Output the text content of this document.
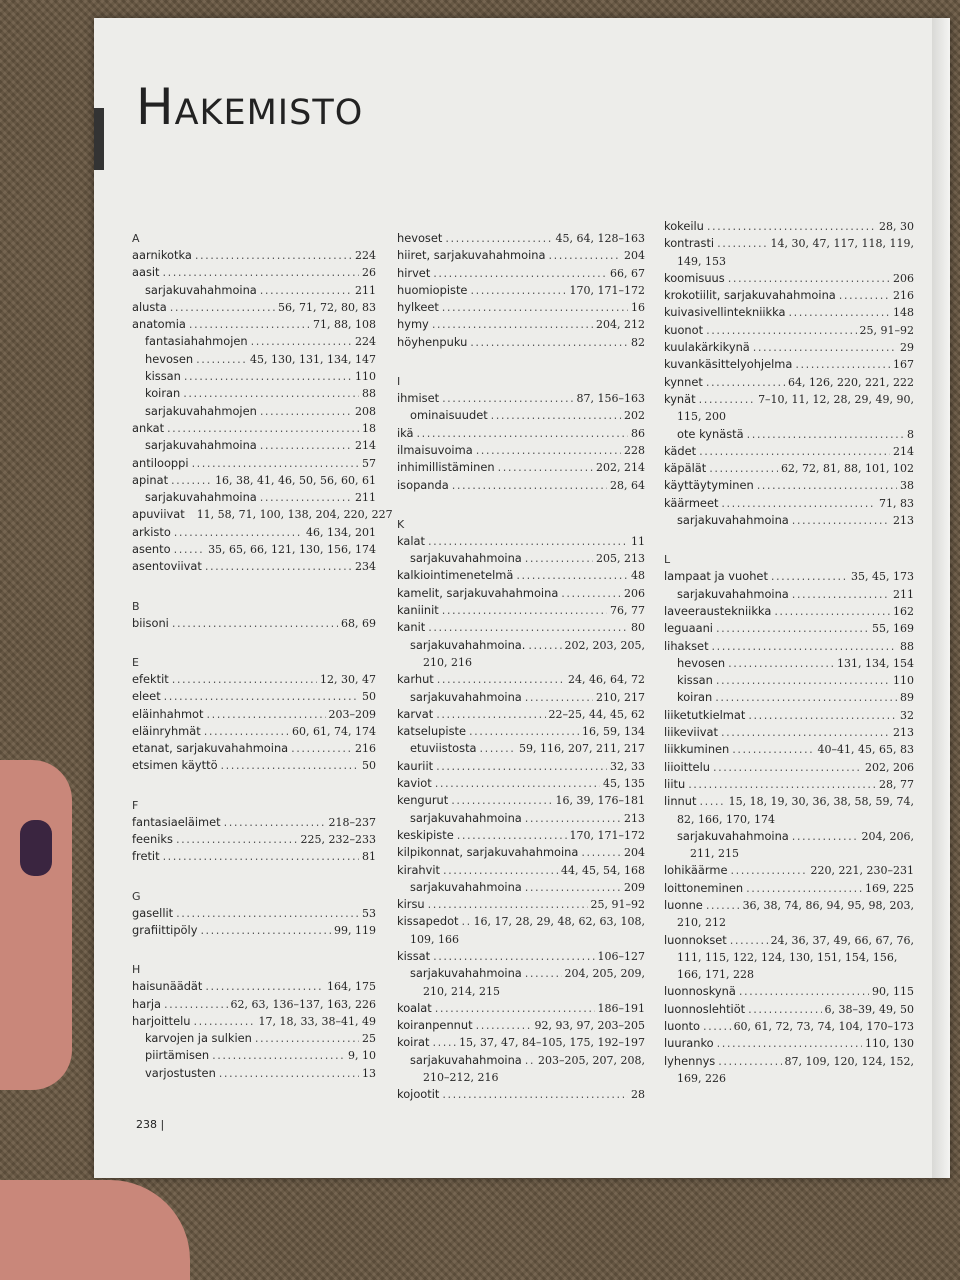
Hakemisto
A
aarnikotka .....	224
aasit .....	26
sarjakuvahahmoina .....	211
alusta .....	56, 71, 72, 80, 83
anatomia .....	71, 88, 108
fantasiahahmojen .....	224
hevosen .....	45, 130, 131, 134, 147
kissan .....	110
koiran .....	88
sarjakuvahahmojen .....	208
ankat .....	18
sarjakuvahahmoina .....	214
antilooppi .....	57
apinat .....	16, 38, 41, 46, 50, 56, 60, 61
sarjakuvahahmoina .....	211
apuviivat 11, 58, 71, 100, 138, 204, 220, 227
arkisto .....	46, 134, 201
asento .....	35, 65, 66, 121, 130, 156, 174
asentoviivat .....	234
B
biisoni .....	68, 69
E
efektit .....	12, 30, 47
eleet .....	50
eläinhahmot .....	203–209
eläinryhmät .....	60, 61, 74, 174
etanat, sarjakuvahahmoina .....	216
etsimen käyttö .....	50
F
fantasiaeläimet .....	218–237
feeniks .....	225, 232–233
fretit .....	81
G
gasellit .....	53
grafiittipöly .....	99, 119
H
haisunäädät .....	164, 175
harja .....	62, 63, 136–137, 163, 226
harjoittelu .....	17, 18, 33, 38–41, 49
karvojen ja sulkien .....	25
piirtämisen .....	9, 10
varjostusten .....	13
hevoset .....	45, 64, 128–163
hiiret, sarjakuvahahmoina .....	204
hirvet .....	66, 67
huomiopiste .....	170, 171–172
hylkeet .....	16
hymy .....	204, 212
höyhenpuku .....	82
I
ihmiset .....	87, 156–163
ominaisuudet .....	202
ikä .....	86
ilmaisuvoima .....	228
inhimillistäminen .....	202, 214
isopanda .....	28, 64
K
kalat .....	11
sarjakuvahahmoina .....	205, 213
kalkiointimenetelmä .....	48
kamelit, sarjakuvahahmoina .....	206
kaniinit .....	76, 77
kanit .....	80
sarjakuvahahmoina. .....	202, 203, 205,
210, 216
karhut .....	24, 46, 64, 72
sarjakuvahahmoina .....	210, 217
karvat .....	22–25, 44, 45, 62
katselupiste .....	16, 59, 134
etuviistosta .....	59, 116, 207, 211, 217
kauriit .....	32, 33
kaviot .....	45, 135
kengurut .....	16, 39, 176–181
sarjakuvahahmoina .....	213
keskipiste .....	170, 171–172
kilpikonnat, sarjakuvahahmoina .....	204
kirahvit .....	44, 45, 54, 168
sarjakuvahahmoina .....	209
kirsu .....	25, 91–92
kissapedot ..... 16, 17, 28, 29, 48, 62, 63, 108,
109, 166
kissat .....	106–127
sarjakuvahahmoina .....	204, 205, 209,
210, 214, 215
koalat .....	186–191
koiranpennut .....	92, 93, 97, 203–205
koirat .....	15, 37, 47, 84–105, 175, 192–197
sarjakuvahahmoina ..... 203–205, 207, 208,
210–212, 216
kojootit .....	28
kokeilu .....	28, 30
kontrasti .....	14, 30, 47, 117, 118, 119,
149, 153
koomisuus .....	206
krokotiilit, sarjakuvahahmoina .....	216
kuivasivellintekniikka .....	148
kuonot .....	25, 91–92
kuulakärkikynä .....	29
kuvankäsittelyohjelma .....	167
kynnet .....	64, 126, 220, 221, 222
kynät .....	7–10, 11, 12, 28, 29, 49, 90,
115, 200
ote kynästä .....	8
kädet .....	214
käpälät .....	62, 72, 81, 88, 101, 102
käyttäytyminen .....	38
käärmeet .....	71, 83
sarjakuvahahmoina .....	213
L
lampaat ja vuohet .....	35, 45, 173
sarjakuvahahmoina .....	211
laveeraustekniikka .....	162
leguaani .....	55, 169
lihakset .....	88
hevosen .....	131, 134, 154
kissan .....	110
koiran .....	89
liiketutkielmat .....	32
liikeviivat .....	213
liikkuminen .....	40–41, 45, 65, 83
liioittelu .....	202, 206
liitu .....	28, 77
linnut .....	15, 18, 19, 30, 36, 38, 58, 59, 74,
82, 166, 170, 174
sarjakuvahahmoina .....	204, 206,
211, 215
lohikäärme .....	220, 221, 230–231
loittoneminen .....	169, 225
luonne .....	36, 38, 74, 86, 94, 95, 98, 203,
210, 212
luonnokset .....	24, 36, 37, 49, 66, 67, 76,
111, 115, 122, 124, 130, 151, 154, 156,
166, 171, 228
luonnoskynä .....	90, 115
luonnoslehtiöt .....	6, 38–39, 49, 50
luonto .....	60, 61, 72, 73, 74, 104, 170–173
luuranko .....	110, 130
lyhennys .....	87, 109, 120, 124, 152,
169, 226
238 |
